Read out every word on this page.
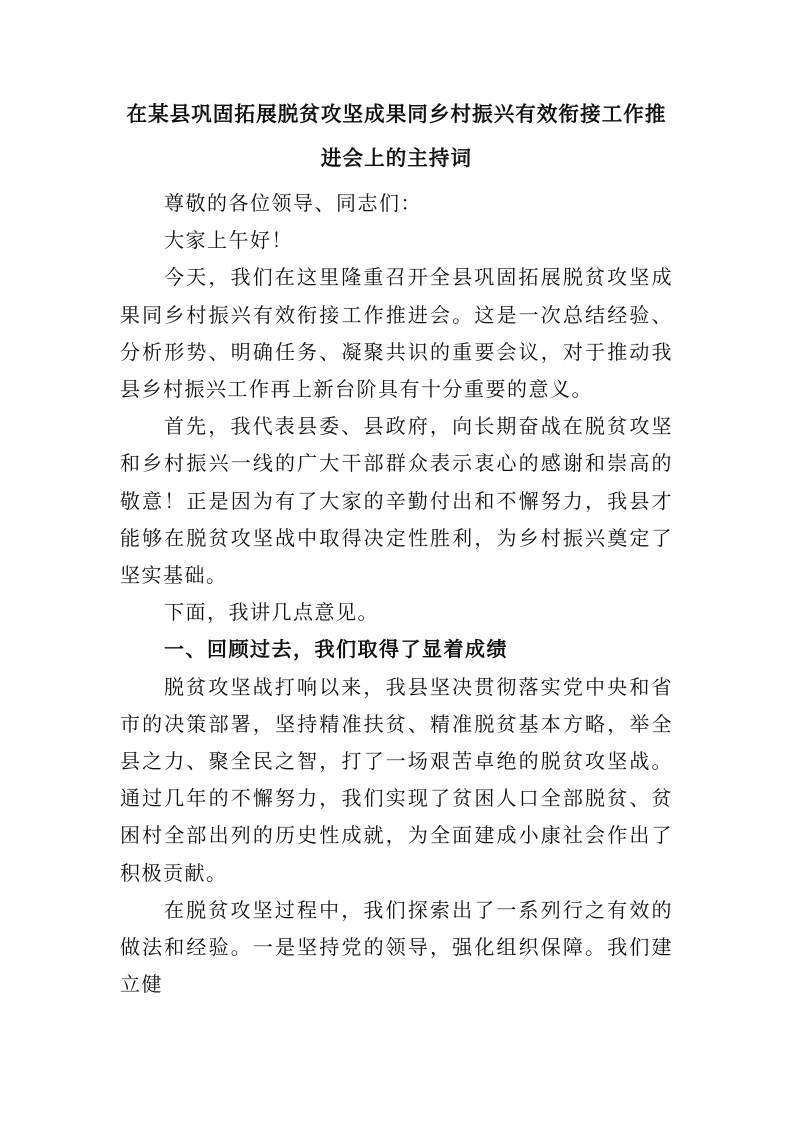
在某县巩固拓展脱贫攻坚成果同乡村振兴有效衔接工作推
进会上的主持词

尊敬的各位领导、同志们：

大家上午好！

今天，我们在这里隆重召开全县巩固拓展脱贫攻坚成果同乡村振兴有效衔接工作推进会。这是一次总结经验、分析形势、明确任务、凝聚共识的重要会议，对于推动我县乡村振兴工作再上新台阶具有十分重要的意义。

首先，我代表县委、县政府，向长期奋战在脱贫攻坚和乡村振兴一线的广大干部群众表示衷心的感谢和崇高的敬意！正是因为有了大家的辛勤付出和不懈努力，我县才能够在脱贫攻坚战中取得决定性胜利，为乡村振兴奠定了坚实基础。

下面，我讲几点意见。

一、回顾过去，我们取得了显着成绩

脱贫攻坚战打响以来，我县坚决贯彻落实党中央和省市的决策部署，坚持精准扶贫、精准脱贫基本方略，举全县之力、聚全民之智，打了一场艰苦卓绝的脱贫攻坚战。通过几年的不懈努力，我们实现了贫困人口全部脱贫、贫困村全部出列的历史性成就，为全面建成小康社会作出了积极贡献。

在脱贫攻坚过程中，我们探索出了一系列行之有效的做法和经验。一是坚持党的领导，强化组织保障。我们建立健
